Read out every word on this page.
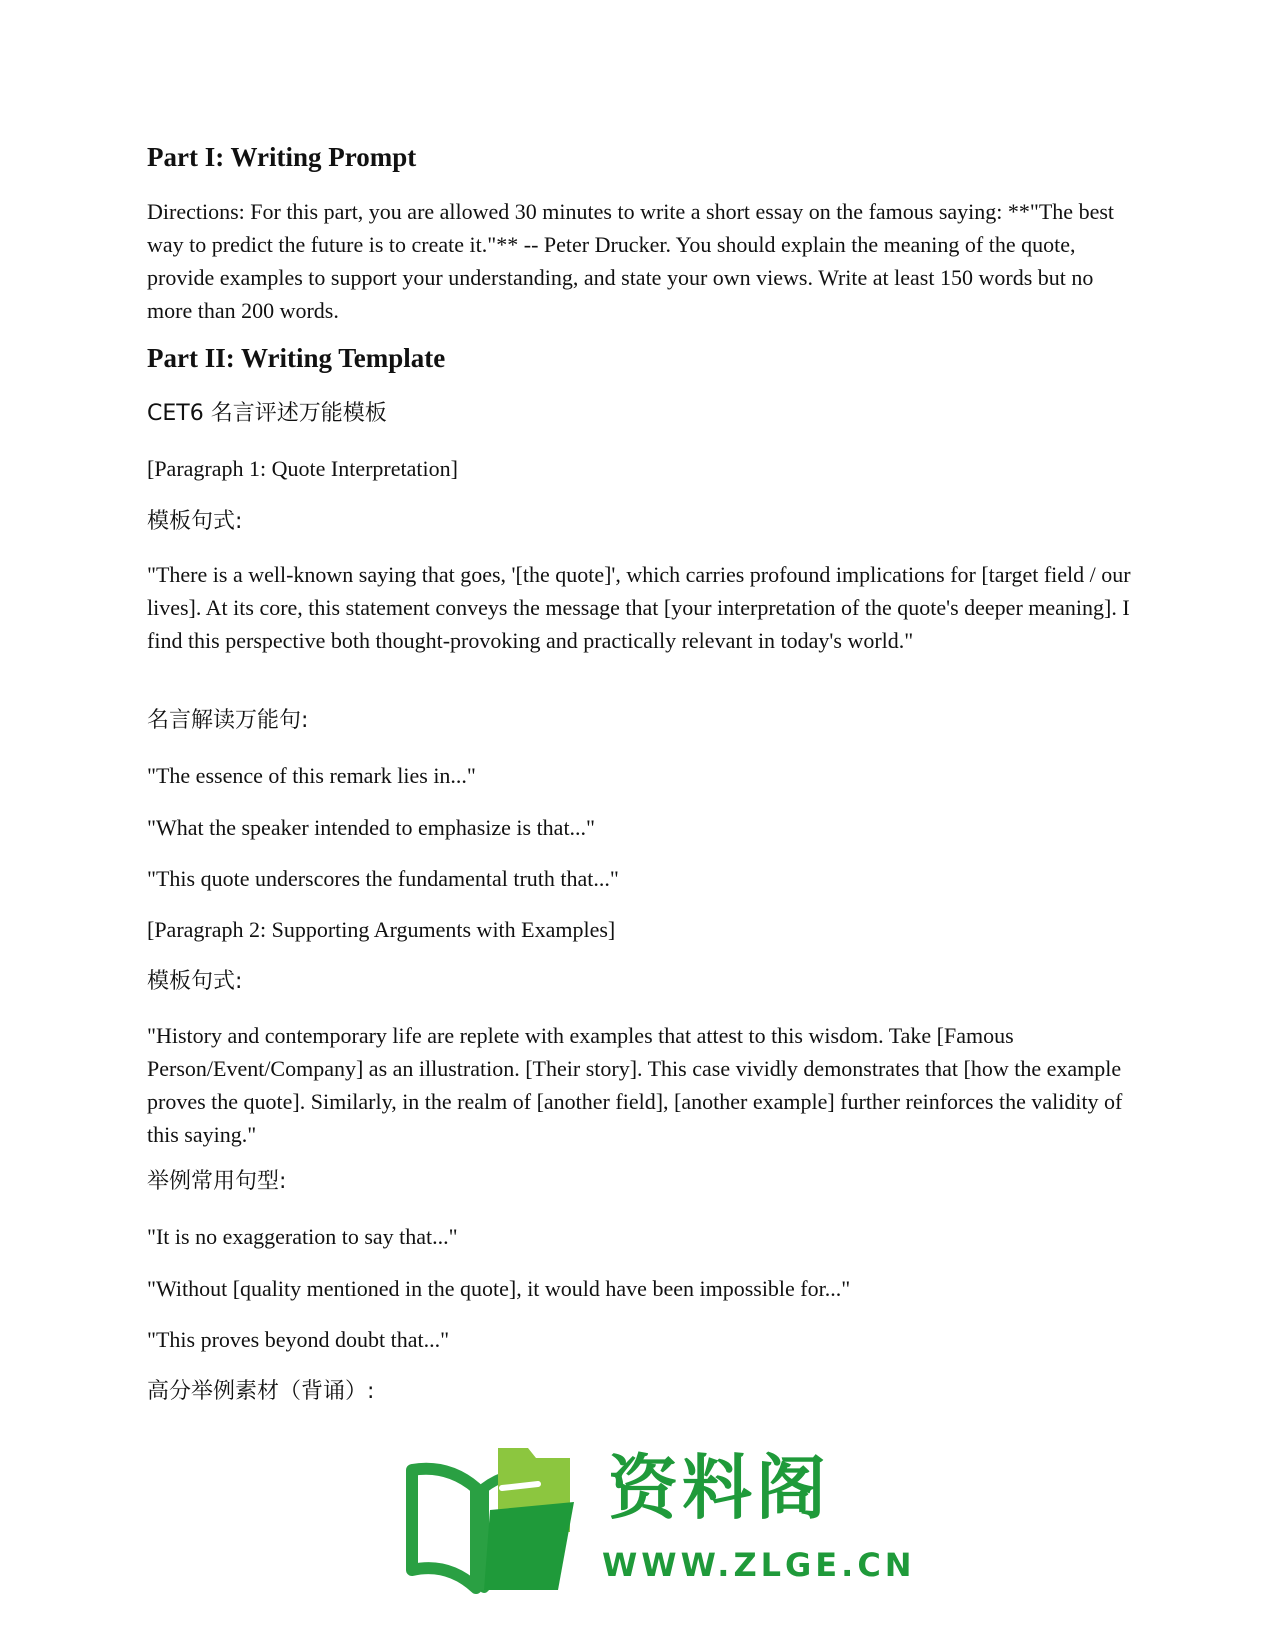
Part I: Writing Prompt
Directions: For this part, you are allowed 30 minutes to write a short essay on the famous saying: **"The best way to predict the future is to create it."** -- Peter Drucker. You should explain the meaning of the quote, provide examples to support your understanding, and state your own views. Write at least 150 words but no more than 200 words.
Part II: Writing Template
CET6 名言评述万能模板
[Paragraph 1: Quote Interpretation]
模板句式:
"There is a well-known saying that goes, '[the quote]', which carries profound implications for [target field / our lives]. At its core, this statement conveys the message that [your interpretation of the quote's deeper meaning]. I find this perspective both thought-provoking and practically relevant in today's world."
名言解读万能句:
"The essence of this remark lies in..."
"What the speaker intended to emphasize is that..."
"This quote underscores the fundamental truth that..."
[Paragraph 2: Supporting Arguments with Examples]
模板句式:
"History and contemporary life are replete with examples that attest to this wisdom. Take [Famous Person/Event/Company] as an illustration. [Their story]. This case vividly demonstrates that [how the example proves the quote]. Similarly, in the realm of [another field], [another example] further reinforces the validity of this saying."
举例常用句型:
"It is no exaggeration to say that..."
"Without [quality mentioned in the quote], it would have been impossible for..."
"This proves beyond doubt that..."
高分举例素材（背诵）:
资料阁
WWW.ZLGE.CN
